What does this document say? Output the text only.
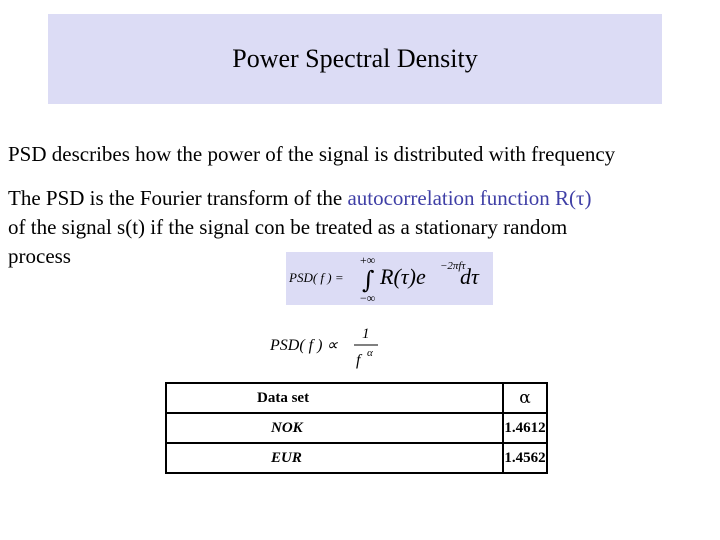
Power Spectral Density
PSD describes how the power of the signal is distributed with frequency
The PSD is the Fourier transform of the autocorrelation function R(τ)
of the signal s(t) if the signal con be treated as a stationary random
process
PSD( f ) =
+∞
∫
−∞
R(τ)e −2πfτ
dτ
PSD( f ) ∝
1
f α
Data set	α
NOK	1.4612
EUR	1.4562
